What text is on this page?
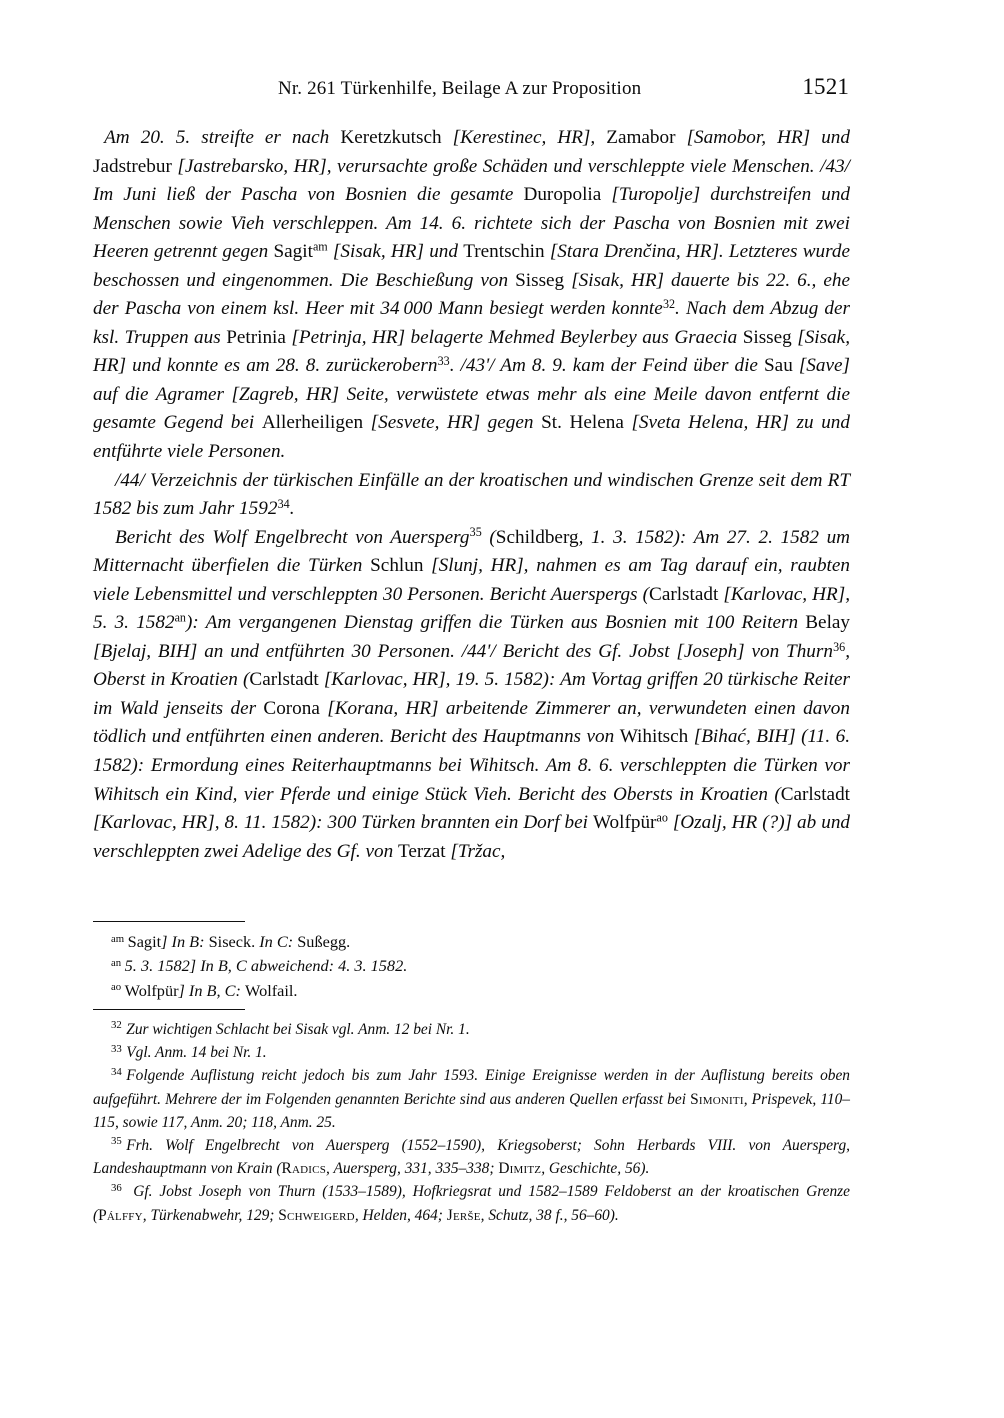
Nr. 261 Türkenhilfe, Beilage A zur Proposition	1521

Am 20. 5. streifte er nach Keretzkutsch [Kerestinec, HR], Zamabor [Samobor, HR] und Jadstrebur [Jastrebarsko, HR], verursachte große Schäden und verschleppte viele Menschen. /43/ Im Juni ließ der Pascha von Bosnien die gesamte Duropolia [Turopolje] durchstreifen und Menschen sowie Vieh verschleppen. Am 14. 6. richtete sich der Pascha von Bosnien mit zwei Heeren getrennt gegen Sagit$^{am}$ [Sisak, HR] und Trentschin [Stara Drenčina, HR]. Letzteres wurde beschossen und eingenommen. Die Beschießung von Sisseg [Sisak, HR] dauerte bis 22. 6., ehe der Pascha von einem ksl. Heer mit 34 000 Mann besiegt werden konnte$^{32}$. Nach dem Abzug der ksl. Truppen aus Petrinia [Petrinja, HR] belagerte Mehmed Beylerbey aus Graecia Sisseg [Sisak, HR] und konnte es am 28. 8. zurückerobern$^{33}$. /43'/ Am 8. 9. kam der Feind über die Sau [Save] auf die Agramer [Zagreb, HR] Seite, verwüstete etwas mehr als eine Meile davon entfernt die gesamte Gegend bei Allerheiligen [Sesvete, HR] gegen St. Helena [Sveta Helena, HR] zu und entführte viele Personen.

/44/ Verzeichnis der türkischen Einfälle an der kroatischen und windischen Grenze seit dem RT 1582 bis zum Jahr 1592$^{34}$.

Bericht des Wolf Engelbrecht von Auersperg$^{35}$ (Schildberg, 1. 3. 1582): Am 27. 2. 1582 um Mitternacht überfielen die Türken Schlun [Slunj, HR], nahmen es am Tag darauf ein, raubten viele Lebensmittel und verschleppten 30 Personen. Bericht Auerspergs (Carlstadt [Karlovac, HR], 5. 3. $1582^{an}$): Am vergangenen Dienstag griffen die Türken aus Bosnien mit 100 Reitern Belay [Bjelaj, BIH] an und entführten 30 Personen. /44'/ Bericht des Gf. Jobst [Joseph] von Thurn$^{36}$, Oberst in Kroatien (Carlstadt [Karlovac, HR], 19. 5. 1582): Am Vortag griffen 20 türkische Reiter im Wald jenseits der Corona [Korana, HR] arbeitende Zimmerer an, verwundeten einen davon tödlich und entführten einen anderen. Bericht des Hauptmanns von Wihitsch [Bihać, BIH] (11. 6. 1582): Ermordung eines Reiterhauptmanns bei Wihitsch. Am 8. 6. verschleppten die Türken vor Wihitsch ein Kind, vier Pferde und einige Stück Vieh. Bericht des Obersts in Kroatien (Carlstadt [Karlovac, HR], 8. 11. 1582): 300 Türken brannten ein Dorf bei Wolfpür$^{ao}$ [Ozalj, HR (?)] ab und verschleppten zwei Adelige des Gf. von Terzat [Tržac,

$^{am}$ Sagit] In B: Siseck. In C: Sußegg.

$^{an}$ 5. 3. 1582] In B, C abweichend: 4. 3. 1582.

$^{ao}$ Wolfpür] In B, C: Wolfail.

$^{32}$ Zur wichtigen Schlacht bei Sisak vgl. Anm. 12 bei Nr. 1.

$^{33}$ Vgl. Anm. 14 bei Nr. 1.

$^{34}$ Folgende Auflistung reicht jedoch bis zum Jahr 1593. Einige Ereignisse werden in der Auflistung bereits oben aufgeführt. Mehrere der im Folgenden genannten Berichte sind aus anderen Quellen erfasst bei Simoniti, Prispevek, 110–115, sowie 117, Anm. 20; 118, Anm. 25.

$^{35}$ Frh. Wolf Engelbrecht von Auersperg (1552–1590), Kriegsoberst; Sohn Herbards VIII. von Auersperg, Landeshauptmann von Krain (Radics, Auersperg, 331, 335–338; Dimitz, Geschichte, 56).

$^{36}$ Gf. Jobst Joseph von Thurn (1533–1589), Hofkriegsrat und 1582–1589 Feldoberst an der kroatischen Grenze (Pálffy, Türkenabwehr, 129; Schweigerd, Helden, 464; Jerše, Schutz, 38 f., 56–60).
